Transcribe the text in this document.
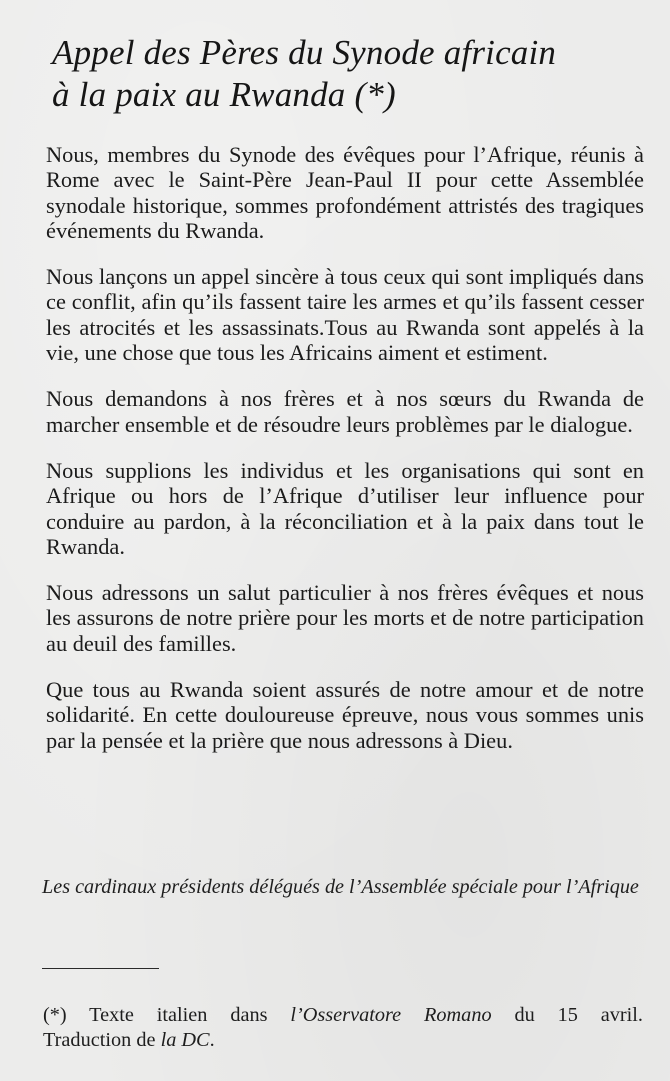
Appel des Pères du Synode africain
à la paix au Rwanda (*)

Nous, membres du Synode des évêques pour l’Afrique, réunis à Rome avec le Saint-Père Jean-Paul II pour cette Assemblée synodale historique, sommes profondément attristés des tragiques événements du Rwanda.

Nous lançons un appel sincère à tous ceux qui sont impliqués dans ce conflit, afin qu’ils fassent taire les armes et qu’ils fassent cesser les atrocités et les assassinats.Tous au Rwanda sont appelés à la vie, une chose que tous les Africains aiment et estiment.

Nous demandons à nos frères et à nos sœurs du Rwanda de marcher ensemble et de résoudre leurs problèmes par le dialogue.

Nous supplions les individus et les organisations qui sont en Afrique ou hors de l’Afrique d’utiliser leur influence pour conduire au pardon, à la réconciliation et à la paix dans tout le Rwanda.

Nous adressons un salut particulier à nos frères évêques et nous les assurons de notre prière pour les morts et de notre participation au deuil des familles.

Que tous au Rwanda soient assurés de notre amour et de notre solidarité. En cette douloureuse épreuve, nous vous sommes unis par la pensée et la prière que nous adressons à Dieu.

Les cardinaux présidents délégués de l’Assemblée spéciale pour l’Afrique

(*) Texte italien dans l’Osservatore Romano du 15 avril.
Traduction de la DC.
